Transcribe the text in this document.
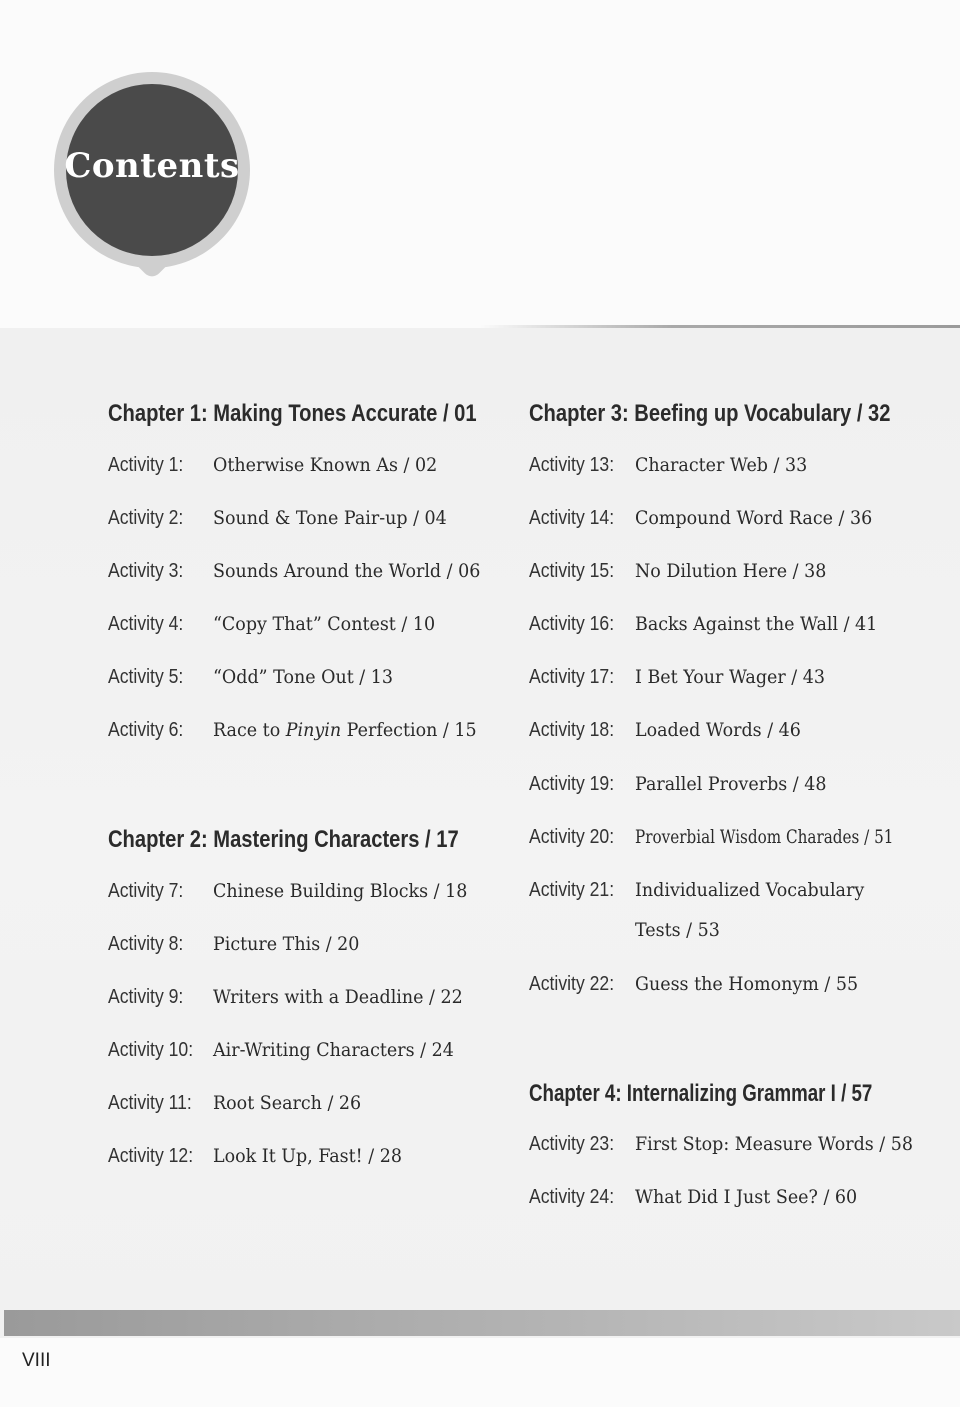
Contents
Chapter 1: Making Tones Accurate / 01
Activity 1: Otherwise Known As / 02
Activity 2: Sound & Tone Pair-up / 04
Activity 3: Sounds Around the World / 06
Activity 4: “Copy That” Contest / 10
Activity 5: “Odd” Tone Out / 13
Activity 6: Race to Pinyin Perfection / 15
Chapter 2: Mastering Characters / 17
Activity 7: Chinese Building Blocks / 18
Activity 8: Picture This / 20
Activity 9: Writers with a Deadline / 22
Activity 10: Air-Writing Characters / 24
Activity 11: Root Search / 26
Activity 12: Look It Up, Fast! / 28
Chapter 3: Beefing up Vocabulary / 32
Activity 13: Character Web / 33
Activity 14: Compound Word Race / 36
Activity 15: No Dilution Here / 38
Activity 16: Backs Against the Wall / 41
Activity 17: I Bet Your Wager / 43
Activity 18: Loaded Words / 46
Activity 19: Parallel Proverbs / 48
Activity 20: Proverbial Wisdom Charades / 51
Activity 21: Individualized Vocabulary
Tests / 53
Activity 22: Guess the Homonym / 55
Chapter 4: Internalizing Grammar I / 57
Activity 23: First Stop: Measure Words / 58
Activity 24: What Did I Just See? / 60
VIII
